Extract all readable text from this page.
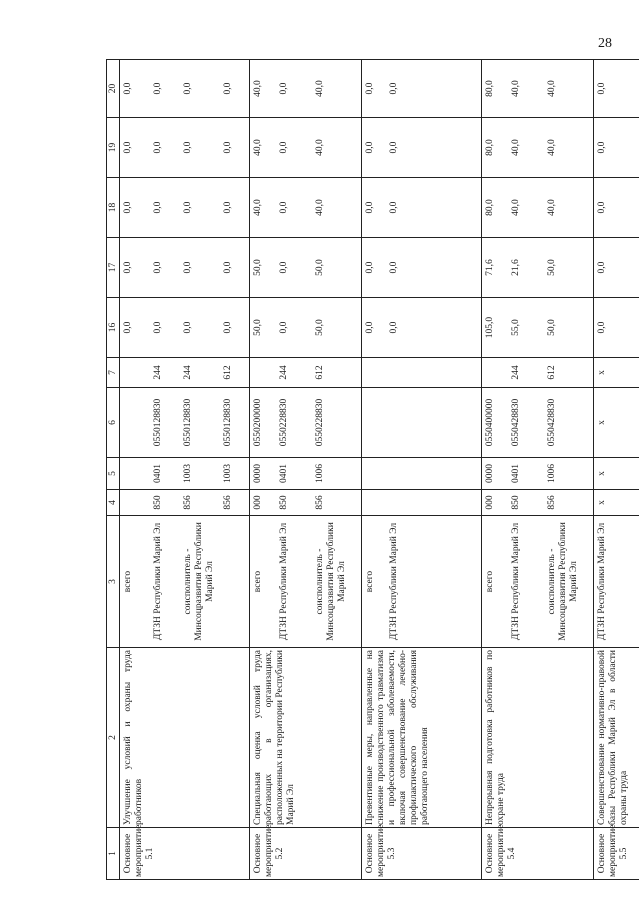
28
1	2	3	4	5	6	7	16	17	18	19	20
Основное мероприятие 5.1	Улучшение условий и охраны труда работников	всего					0,0	0,0	0,0	0,0	0,0
		ДТЗН Республики Марий Эл	850	0401	0550128830	244	0,0	0,0	0,0	0,0	0,0
		соисполнитель - Минсоцразвития Республики Марий Эл	856	1003	0550128830	244	0,0	0,0	0,0	0,0	0,0
			856	1003	0550128830	612	0,0	0,0	0,0	0,0	0,0
Основное мероприятие 5.2	Специальная оценка условий труда работающих в организациях, расположенных на территории Республики Марий Эл	всего	000	0000	0550200000		50,0	50,0	40,0	40,0	40,0
		ДТЗН Республики Марий Эл	850	0401	0550228830	244	0,0	0,0	0,0	0,0	0,0
		соисполнитель - Минсоцразвития Республики Марий Эл	856	1006	0550228830	612	50,0	50,0	40,0	40,0	40,0
Основное мероприятие 5.3	Превентивные меры, направленные на снижение производственного травматизма и профессиональной заболеваемости, включая совершенствование лечебно-профилактического обслуживания работающего населения	всего					0,0	0,0	0,0	0,0	0,0
		ДТЗН Республики Марий Эл					0,0	0,0	0,0	0,0	0,0
Основное мероприятие 5.4	Непрерывная подготовка работников по охране труда	всего	000	0000	0550400000		105,0	71,6	80,0	80,0	80,0
		ДТЗН Республики Марий Эл	850	0401	0550428830	244	55,0	21,6	40,0	40,0	40,0
		соисполнитель - Минсоцразвития Республики Марий Эл	856	1006	0550428830	612	50,0	50,0	40,0	40,0	40,0
Основное мероприятие 5.5	Совершенствование нормативно-правовой базы Республики Марий Эл в области охраны труда	ДТЗН Республики Марий Эл	x	x	x	x	0,0	0,0	0,0	0,0	0,0
